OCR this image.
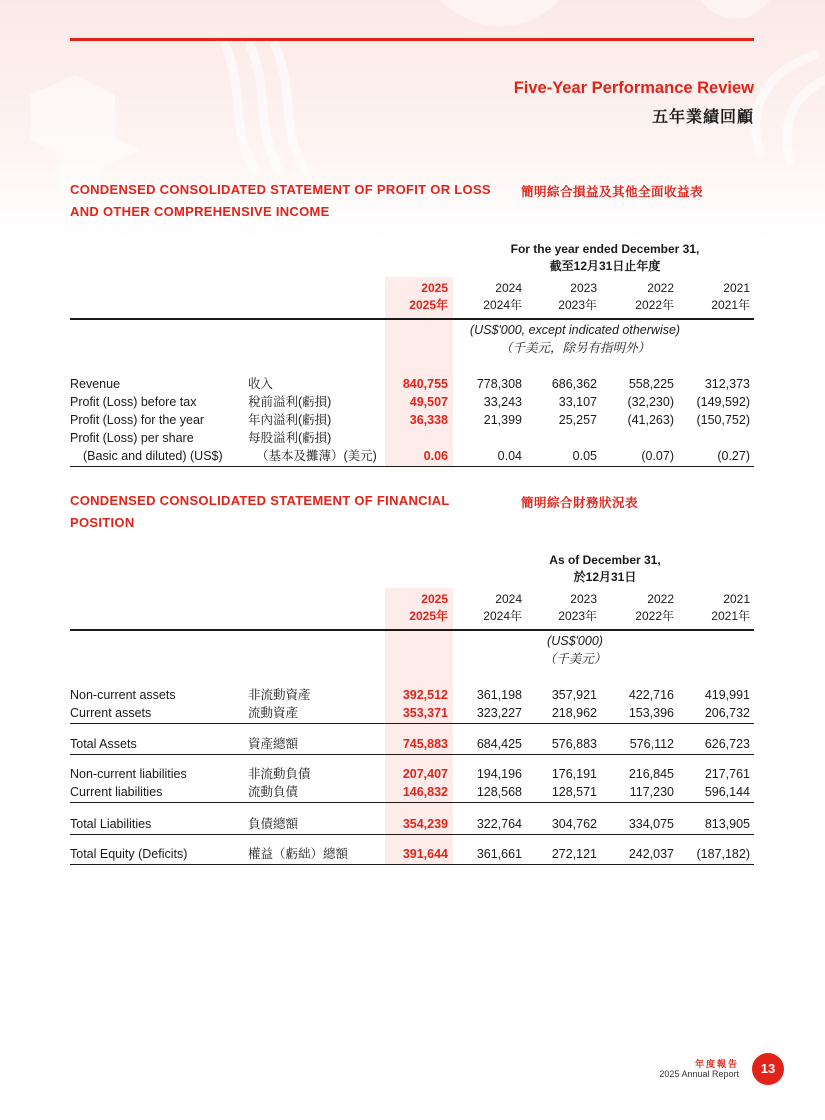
Five-Year Performance Review
五年業績回顧
CONDENSED CONSOLIDATED STATEMENT OF PROFIT OR LOSS AND OTHER COMPREHENSIVE INCOME
簡明綜合損益及其他全面收益表
For the year ended December 31,
截至12月31日止年度
2025
2025年
2024
2024年
2023
2023年
2022
2022年
2021
2021年
(US$'000, except indicated otherwise)
（千美元，除另有指明外）
Revenue	收入	840,755	778,308	686,362	558,225	312,373
Profit (Loss) before tax	稅前溢利(虧損)	49,507	33,243	33,107	(32,230)	(149,592)
Profit (Loss) for the year	年內溢利(虧損)	36,338	21,399	25,257	(41,263)	(150,752)
Profit (Loss) per share	每股溢利(虧損)
(Basic and diluted) (US$)	（基本及攤薄）(美元)	0.06	0.04	0.05	(0.07)	(0.27)
CONDENSED CONSOLIDATED STATEMENT OF FINANCIAL POSITION
簡明綜合財務狀況表
As of December 31,
於12月31日
2025
2025年
2024
2024年
2023
2023年
2022
2022年
2021
2021年
(US$'000)
（千美元）
Non-current assets	非流動資產	392,512	361,198	357,921	422,716	419,991
Current assets	流動資產	353,371	323,227	218,962	153,396	206,732
Total Assets	資產總額	745,883	684,425	576,883	576,112	626,723
Non-current liabilities	非流動負債	207,407	194,196	176,191	216,845	217,761
Current liabilities	流動負債	146,832	128,568	128,571	117,230	596,144
Total Liabilities	負債總額	354,239	322,764	304,762	334,075	813,905
Total Equity (Deficits)	權益（虧絀）總額	391,644	361,661	272,121	242,037	(187,182)
年度報告
2025 Annual Report	13
